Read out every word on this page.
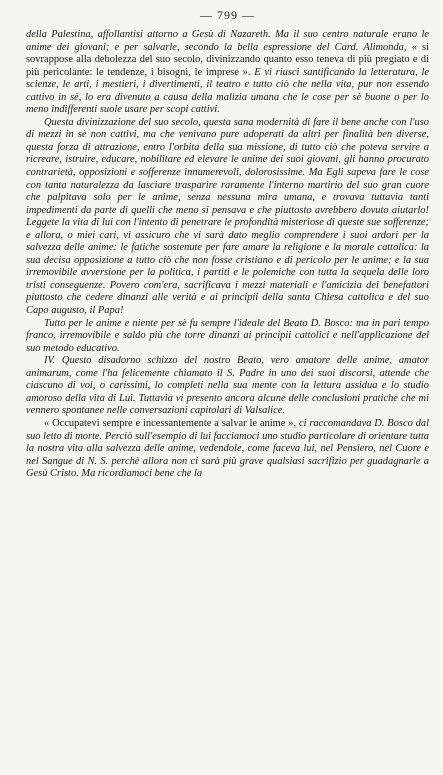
— 799 —

della Palestina, affollantisi attorno a Gesù di Nazareth. Ma il suo centro naturale erano le anime dei giovani; e per salvarle, secondo la bella espressione del Card. Alimonda, « si sovrappose alla debolezza del suo secolo, divinizzando quanto esso teneva di più pregiato e di più pericolante: le tendenze, i bisogni, le imprese ». E vi riuscì santificando la letteratura, le scienze, le arti, i mestieri, i divertimenti, il teatro e tutto ciò che nella vita, pur non essendo cattivo in sè, lo era divenuto a causa della malizia umana che le cose per sè buone o per lo meno indifferenti suole usare per scopi cattivi.

Questa divinizzazione del suo secolo, questa sana modernità di fare il bene anche con l'uso di mezzi in sè non cattivi, ma che venivano pure adoperati da altri per finalità ben diverse, questa forza di attrazione, entro l'orbita della sua missione, di tutto ciò che poteva servire a ricreare, istruire, educare, nobilitare ed elevare le anime dei suoi giovani, gli hanno procurato contrarietà, opposizioni e sofferenze innumerevoli, dolorosissime. Ma Egli sapeva fare le cose con tanta naturalezza da lasciare trasparire raramente l'interno martirio del suo gran cuore che palpitava solo per le anime, senza nessuna mira umana, e trovava tuttavia tanti impedimenti da parte di quelli che meno si pensava e che piuttosto avrebbero dovuto aiutarlo! Leggete la vita di lui con l'intento di penetrare le profondità misteriose di queste sue sofferenze; e allora, o miei cari, vi assicuro che vi sarà dato meglio comprendere i suoi ardori per la salvezza delle anime: le fatiche sostenute per fare amare la religione e la morale cattolica: la sua decisa opposizione a tutto ciò che non fosse cristiano e di pericolo per le anime; e la sua irremovibile avversione per la politica, i partiti e le polemiche con tutta la sequela delle loro tristi conseguenze. Povero com'era, sacrificava i mezzi materiali e l'amicizia dei benefattori piuttosto che cedere dinanzi alle verità e ai principii della santa Chiesa cattolica e del suo Capo augusto, il Papa!

Tutto per le anime e niente per sè fu sempre l'ideale del Beato D. Bosco: ma in pari tempo franco, irremovibile e saldo più che torre dinanzi ai principii cattolici e nell'applicazione del suo metodo educativo.

IV. Questo disadorno schizzo del nostro Beato, vero amatore delle anime, amator animarum, come l'ha felicemente chiamato il S. Padre in uno dei suoi discorsi, attende che ciascuno di voi, o carissimi, lo completi nella sua mente con la lettura assidua e lo studio amoroso della vita di Lui. Tuttavia vi presento ancora alcune delle conclusioni pratiche che mi vennero spontanee nelle conversazioni capitolari di Valsalice.

« Occupatevi sempre e incessantemente a salvar le anime », ci raccomandava D. Bosco dal suo letto di morte. Perciò sull'esempio di lui facciamoci uno studio particolare di orientare tutta la nostra vita alla salvezza delle anime, vedendole, come faceva lui, nel Pensiero, nel Cuore e nel Sangue di N. S. perchè allora non ci sarà più grave qualsiasi sacrifizio per guadagnarle a Gesù Cristo. Ma ricordiamoci bene che la
